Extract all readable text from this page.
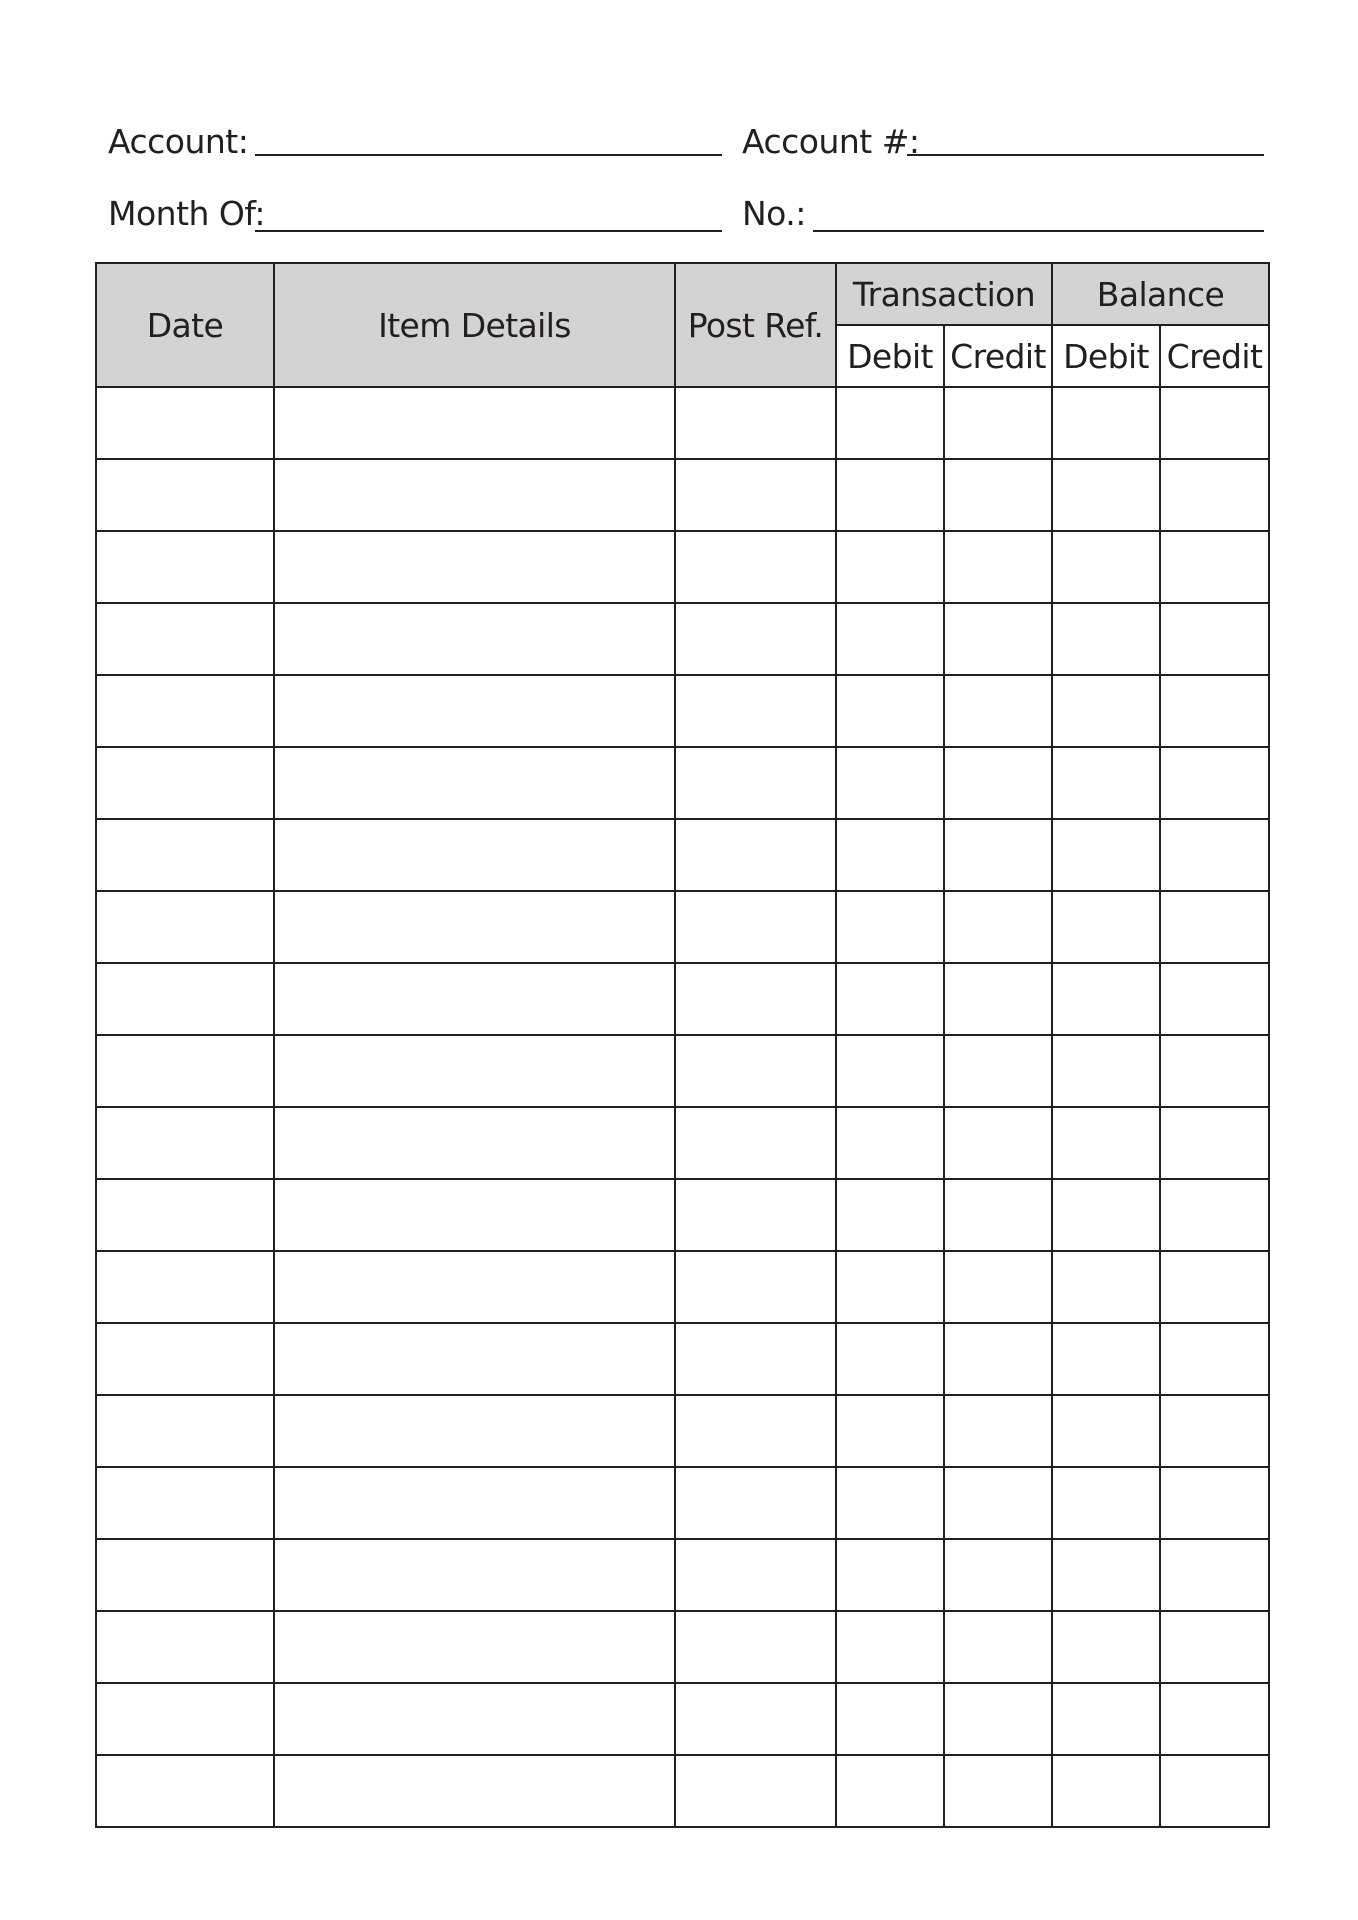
Account:	Account #:
Month Of:	No.:
Date	Item Details	Post Ref.	Transaction		Balance	
			Debit	Credit	Debit	Credit
